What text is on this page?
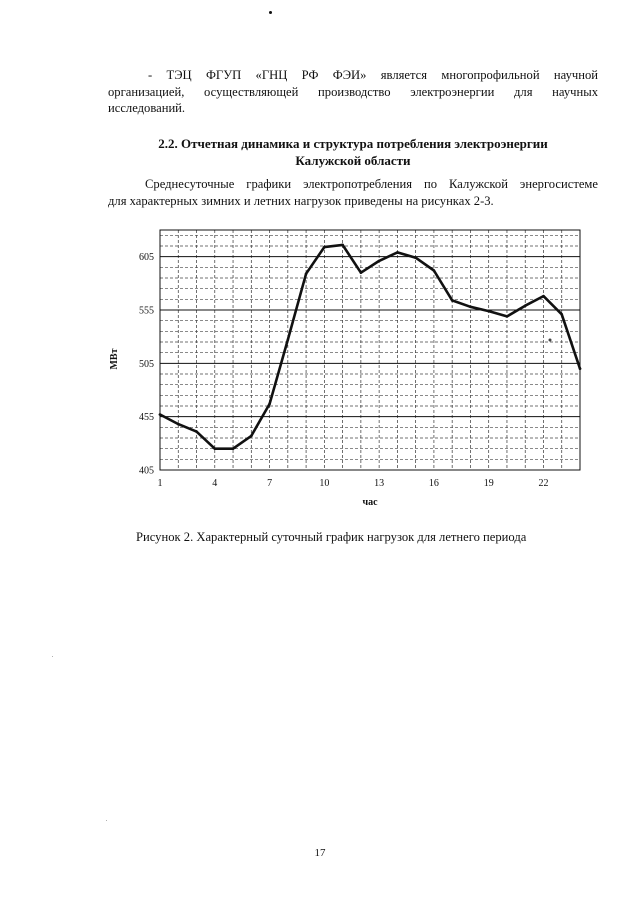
- ТЭЦ ФГУП «ГНЦ РФ ФЭИ» является многопрофильной научной
организацией, осуществляющей производство электроэнергии для научных
исследований.
2.2. Отчетная динамика и структура потребления электроэнергии
Калужской области
Среднесуточные графики электропотребления по Калужской энергосистеме
для характерных зимних и летних нагрузок приведены на рисунках 2-3.
405
455
505
555
605
1	4	7	10	13	16	19	22
МВт
час
Рисунок 2. Характерный суточный график нагрузок для летнего периода
17
